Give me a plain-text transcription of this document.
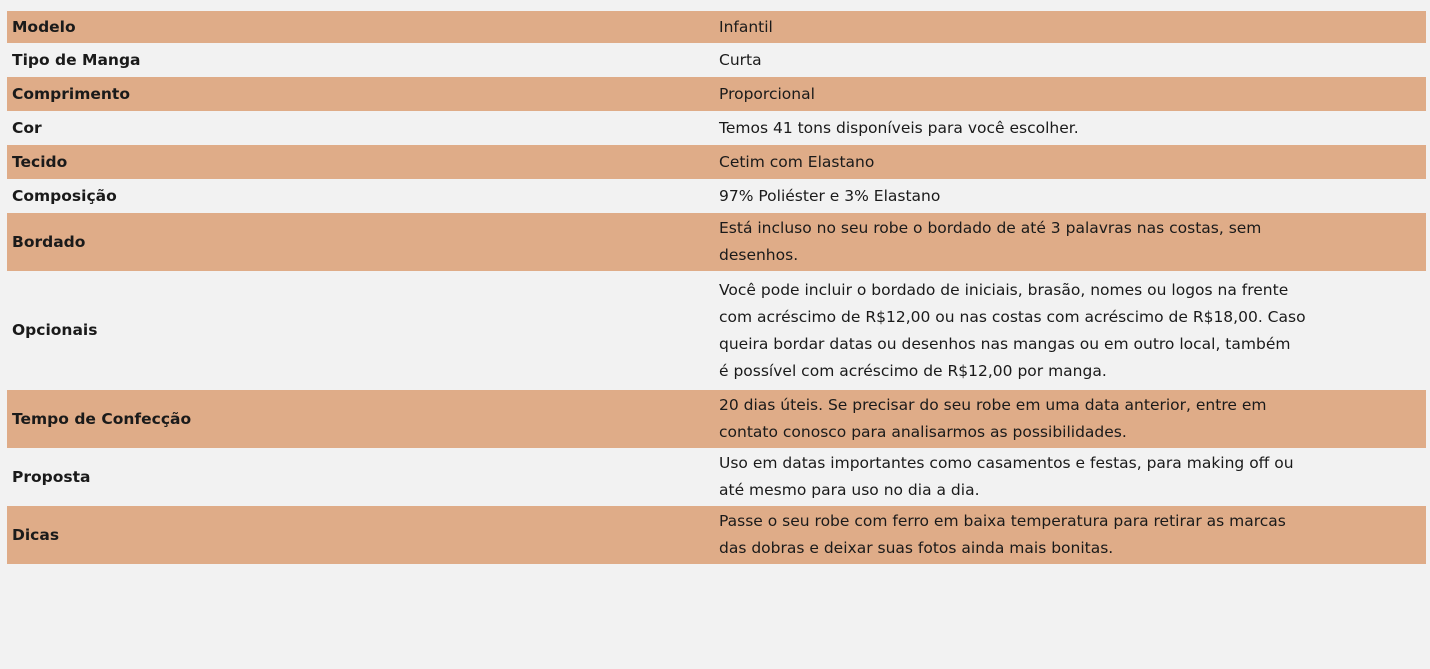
Modelo	Infantil
Tipo de Manga	Curta
Comprimento	Proporcional
Cor	Temos 41 tons disponíveis para você escolher.
Tecido	Cetim com Elastano
Composição	97% Poliéster e 3% Elastano
Bordado	Está incluso no seu robe o bordado de até 3 palavras nas costas, sem
desenhos.

Opcionais	Você pode incluir o bordado de iniciais, brasão, nomes ou logos na frente
com acréscimo de R$12,00 ou nas costas com acréscimo de R$18,00. Caso
queira bordar datas ou desenhos nas mangas ou em outro local, também
é possível com acréscimo de R$12,00 por manga.

Tempo de Confecção	20 dias úteis. Se precisar do seu robe em uma data anterior, entre em
contato conosco para analisarmos as possibilidades.

Proposta	Uso em datas importantes como casamentos e festas, para making off ou
até mesmo para uso no dia a dia.

Dicas	Passe o seu robe com ferro em baixa temperatura para retirar as marcas
das dobras e deixar suas fotos ainda mais bonitas.
